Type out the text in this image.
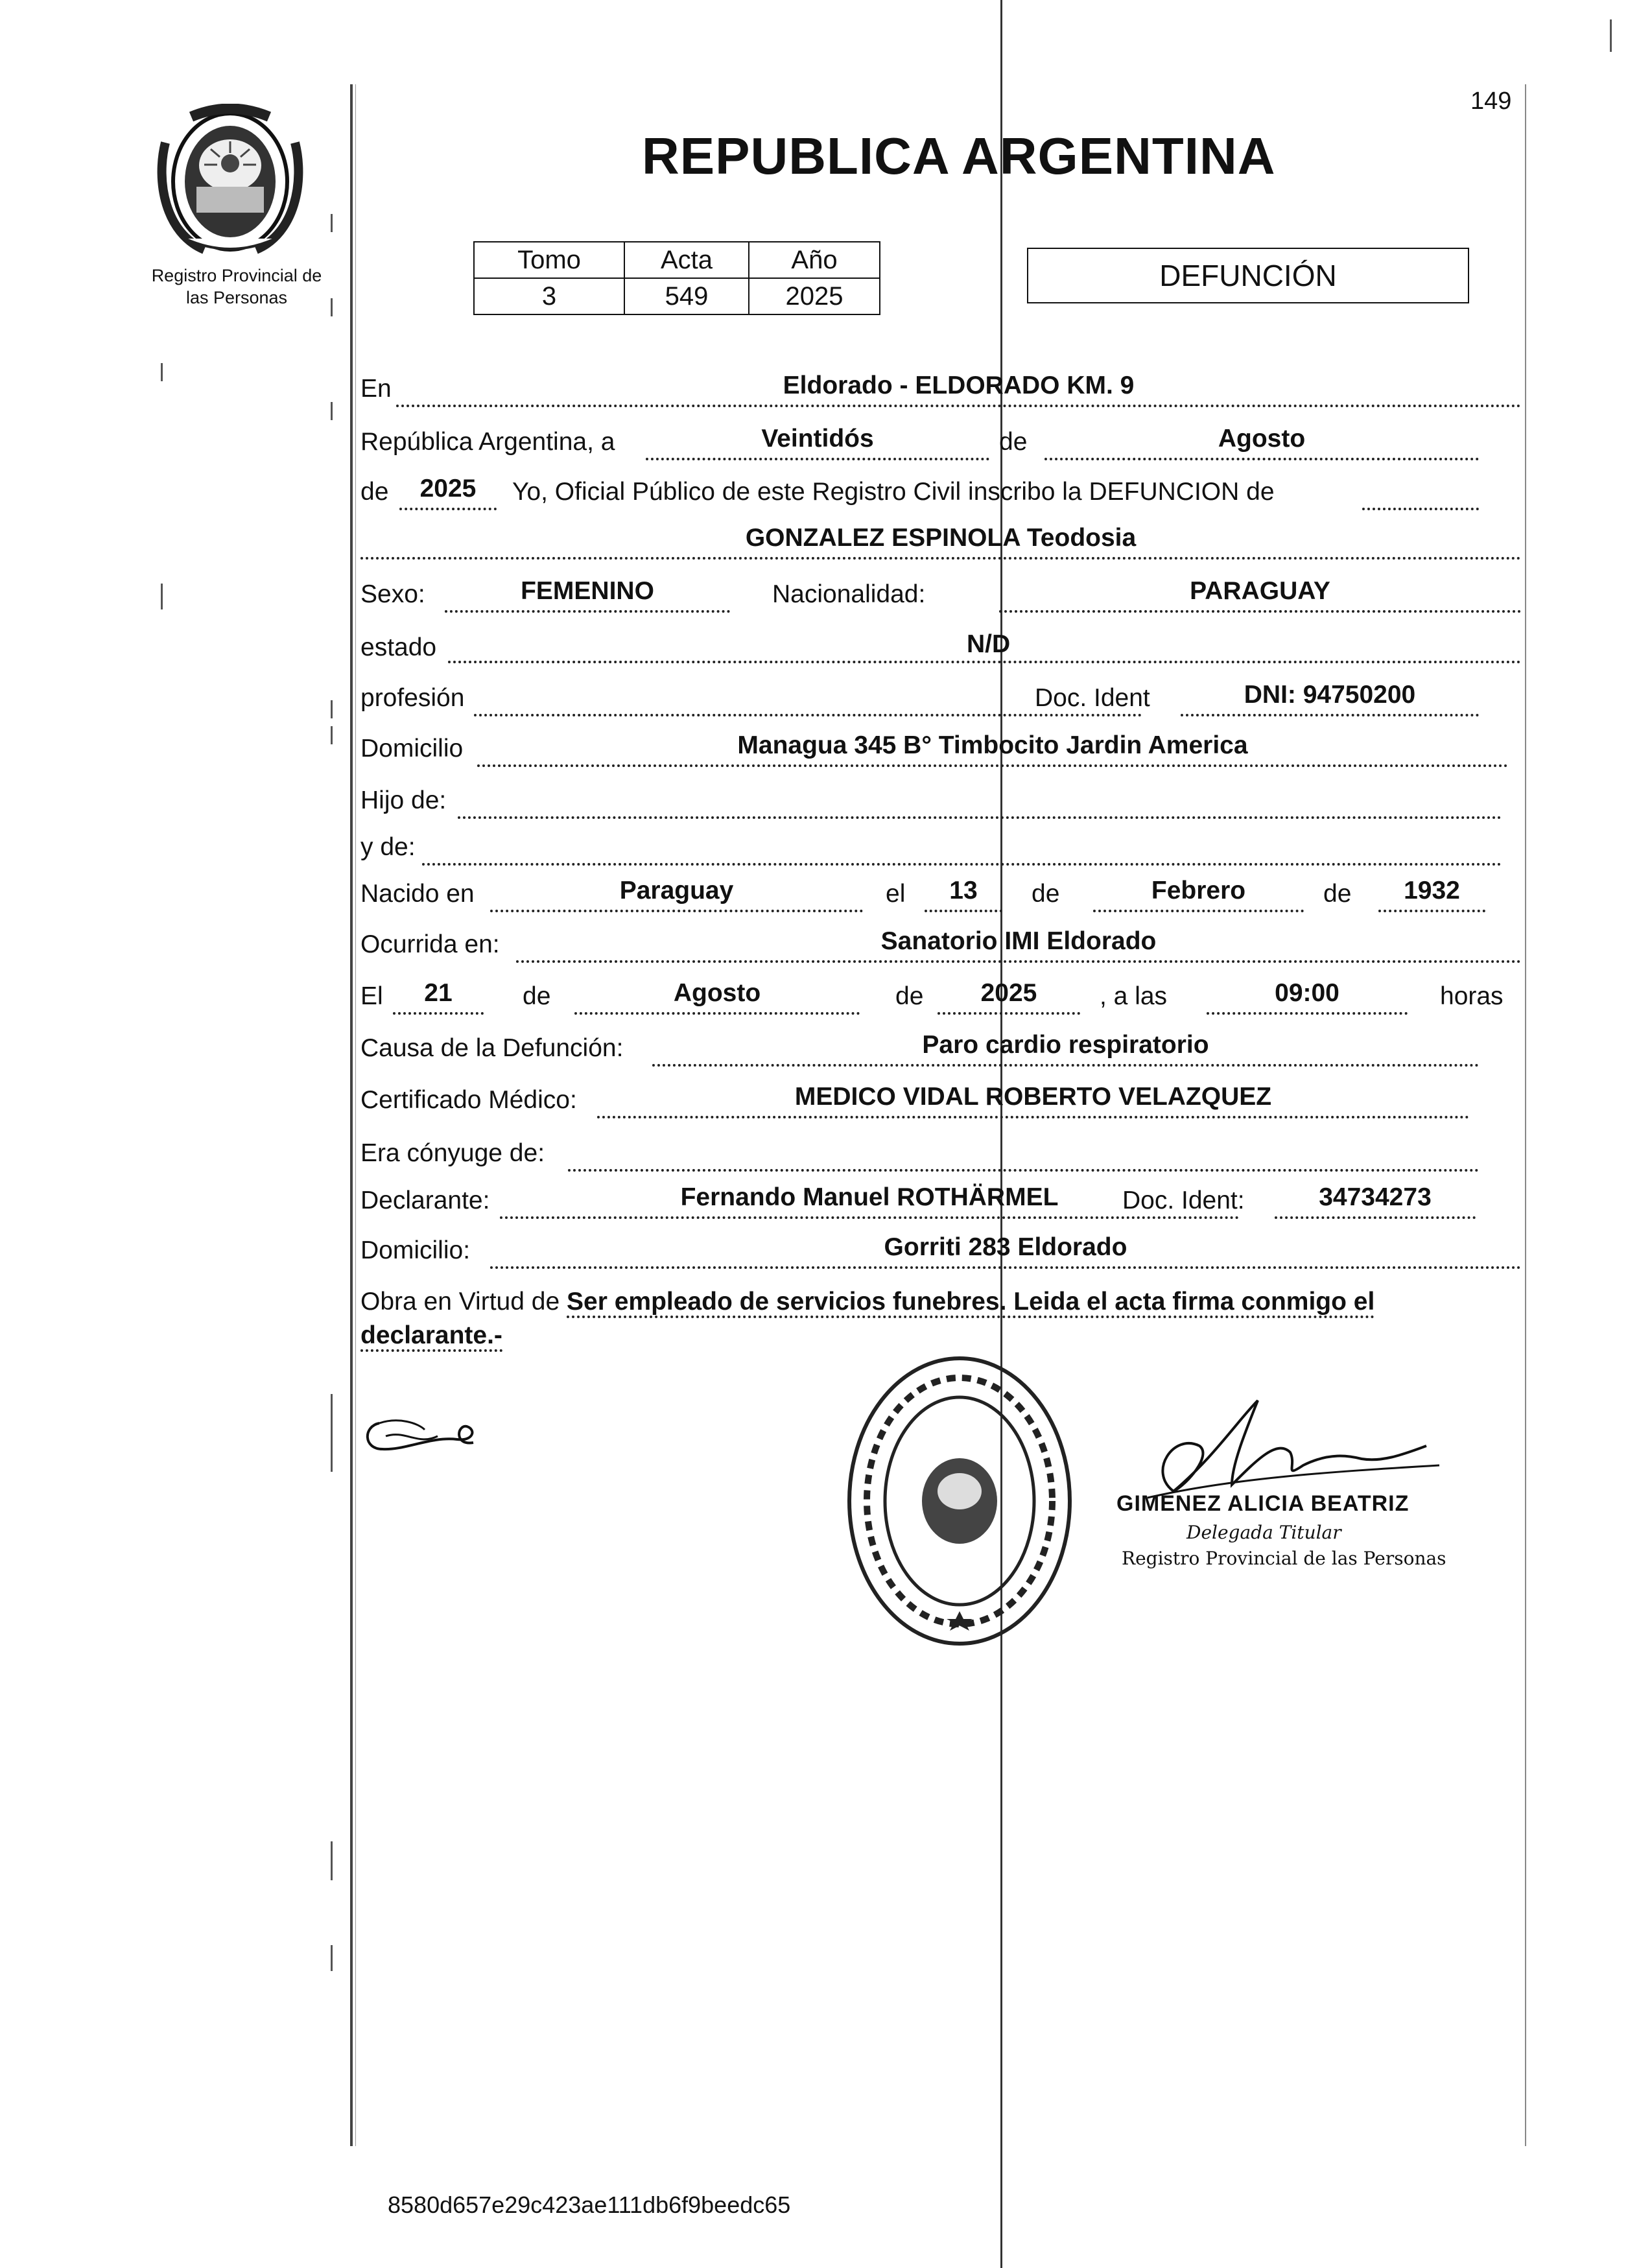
149
Registro Provincial de
las Personas
REPUBLICA ARGENTINA
Tomo	Acta	Año
3	549	2025
DEFUNCIÓN
En	Eldorado - ELDORADO KM. 9
República Argentina, a	Veintidós	de	Agosto
de	2025	Yo, Oficial Público de este Registro Civil inscribo la DEFUNCION de
GONZALEZ ESPINOLA Teodosia
Sexo:	FEMENINO	Nacionalidad:	PARAGUAY
estado	N/D
profesión	Doc. Ident	DNI: 94750200
Domicilio	Managua 345 B° Timbocito Jardin America
Hijo de:
y de:
Nacido en	Paraguay	el	13	de	Febrero	de	1932
Ocurrida en:	Sanatorio IMI Eldorado
El	21	de	Agosto	de	2025	, a las	09:00	horas
Causa de la Defunción:	Paro cardio respiratorio
Certificado Médico:	MEDICO VIDAL ROBERTO VELAZQUEZ
Era cónyuge de:
Declarante:	Fernando Manuel ROTHÄRMEL	Doc. Ident:	34734273
Domicilio:	Gorriti 283 Eldorado
Obra en Virtud de Ser empleado de servicios funebres. Leida el acta firma conmigo el declarante.-
GIMENEZ ALICIA BEATRIZ
Delegada Titular
Registro Provincial de las Personas
8580d657e29c423ae111db6f9beedc65
